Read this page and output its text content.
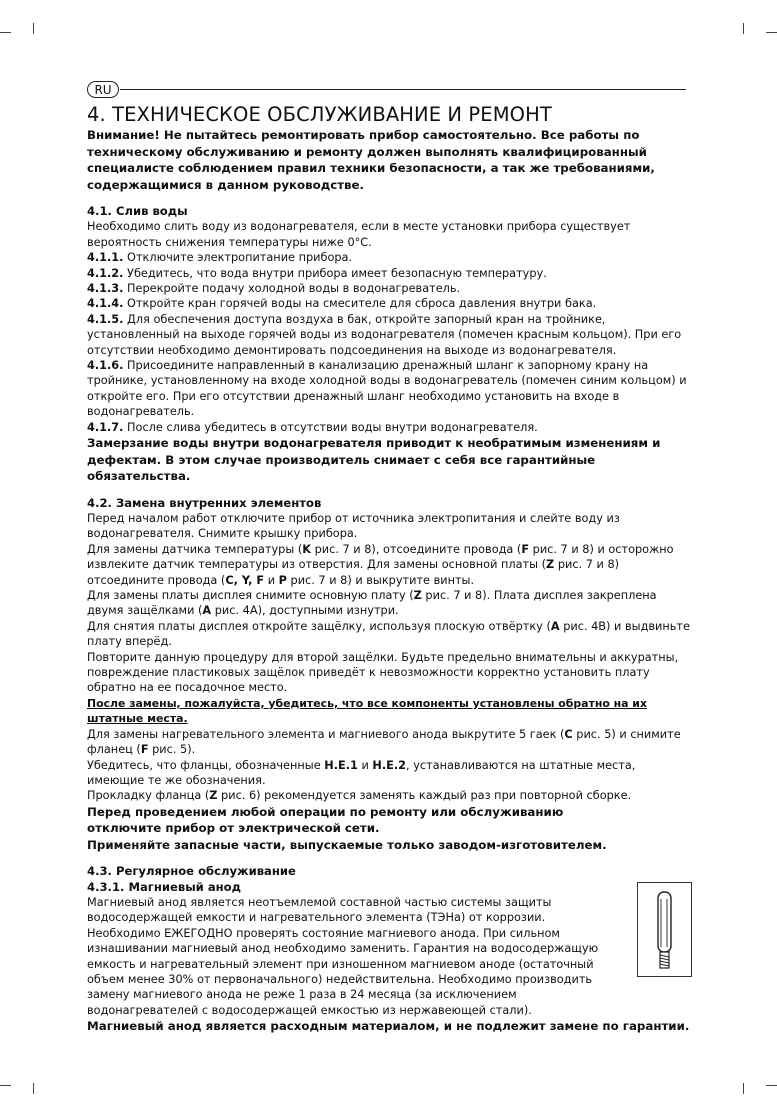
RU
4. ТЕХНИЧЕСКОЕ ОБСЛУЖИВАНИЕ И РЕМОНТ

Внимание! Не пытайтесь ремонтировать прибор самостоятельно. Все работы по техническому обслуживанию и ремонту должен выполнять квалифицированный специалисте соблюдением правил техники безопасности, а так же требованиями, содержащимися в данном руководстве.

4.1. Слив воды

Необходимо слить воду из водонагревателя, если в месте установки прибора существует вероятность снижения температуры ниже 0°С.

4.1.1. Отключите электропитание прибора.

4.1.2. Убедитесь, что вода внутри прибора имеет безопасную температуру.

4.1.3. Перекройте подачу холодной воды в водонагреватель.

4.1.4. Откройте кран горячей воды на смесителе для сброса давления внутри бака.

4.1.5. Для обеспечения доступа воздуха в бак, откройте запорный кран на тройнике, установленный на выходе горячей воды из водонагревателя (помечен красным кольцом). При его отсутствии необходимо демонтировать подсоединения на выходе из водонагревателя.

4.1.6. Присоедините направленный в канализацию дренажный шланг к запорному крану на тройнике, установленному на входе холодной воды в водонагреватель (помечен синим кольцом) и откройте его. При его отсутствии дренажный шланг необходимо установить на входе в водонагреватель.

4.1.7. После слива убедитесь в отсутствии воды внутри водонагревателя.

Замерзание воды внутри водонагревателя приводит к необратимым изменениям и дефектам. В этом случае производитель снимает с себя все гарантийные обязательства.

4.2. Замена внутренних элементов

Перед началом работ отключите прибор от источника электропитания и слейте воду из водонагревателя. Снимите крышку прибора.

Для замены датчика температуры (K рис. 7 и 8), отсоедините провода (F рис. 7 и 8) и осторожно извлеките датчик температуры из отверстия. Для замены основной платы (Z рис. 7 и 8) отсоедините провода (С, Y, F и Р рис. 7 и 8) и выкрутите винты.

Для замены платы дисплея снимите основную плату (Z рис. 7 и 8). Плата дисплея закреплена двумя защёлками (А рис. 4А), доступными изнутри.

Для снятия платы дисплея откройте защёлку, используя плоскую отвёртку (А рис. 4В) и выдвиньте плату вперёд.

Повторите данную процедуру для второй защёлки. Будьте предельно внимательны и аккуратны, повреждение пластиковых защёлок приведёт к невозможности корректно установить плату обратно на ее посадочное место.

После замены, пожалуйста, убедитесь, что все компоненты установлены обратно на их штатные места.

Для замены нагревательного элемента и магниевого анода выкрутите 5 гаек (C рис. 5) и снимите фланец (F рис. 5).

Убедитесь, что фланцы, обозначенные Н.Е.1 и Н.Е.2, устанавливаются на штатные места, имеющие те же обозначения.

Прокладку фланца (Z рис. 6) рекомендуется заменять каждый раз при повторной сборке.

Перед проведением любой операции по ремонту или обслуживанию отключите прибор от электрической сети.

Применяйте запасные части, выпускаемые только заводом-изготовителем.

4.3. Регулярное обслуживание

4.3.1. Магниевый анод

Магниевый анод является неотъемлемой составной частью системы защиты водосодержащей емкости и нагревательного элемента (ТЭНа) от коррозии. Необходимо ЕЖЕГОДНО проверять состояние магниевого анода. При сильном изнашивании магниевый анод необходимо заменить. Гарантия на водосодержащую емкость и нагревательный элемент при изношенном магниевом аноде (остаточный объем менее 30% от первоначального) недействительна. Необходимо производить замену магниевого анода не реже 1 раза в 24 месяца (за исключением водонагревателей с водосодержащей емкостью из нержавеющей стали).

Магниевый анод является расходным материалом, и не подлежит замене по гарантии.
